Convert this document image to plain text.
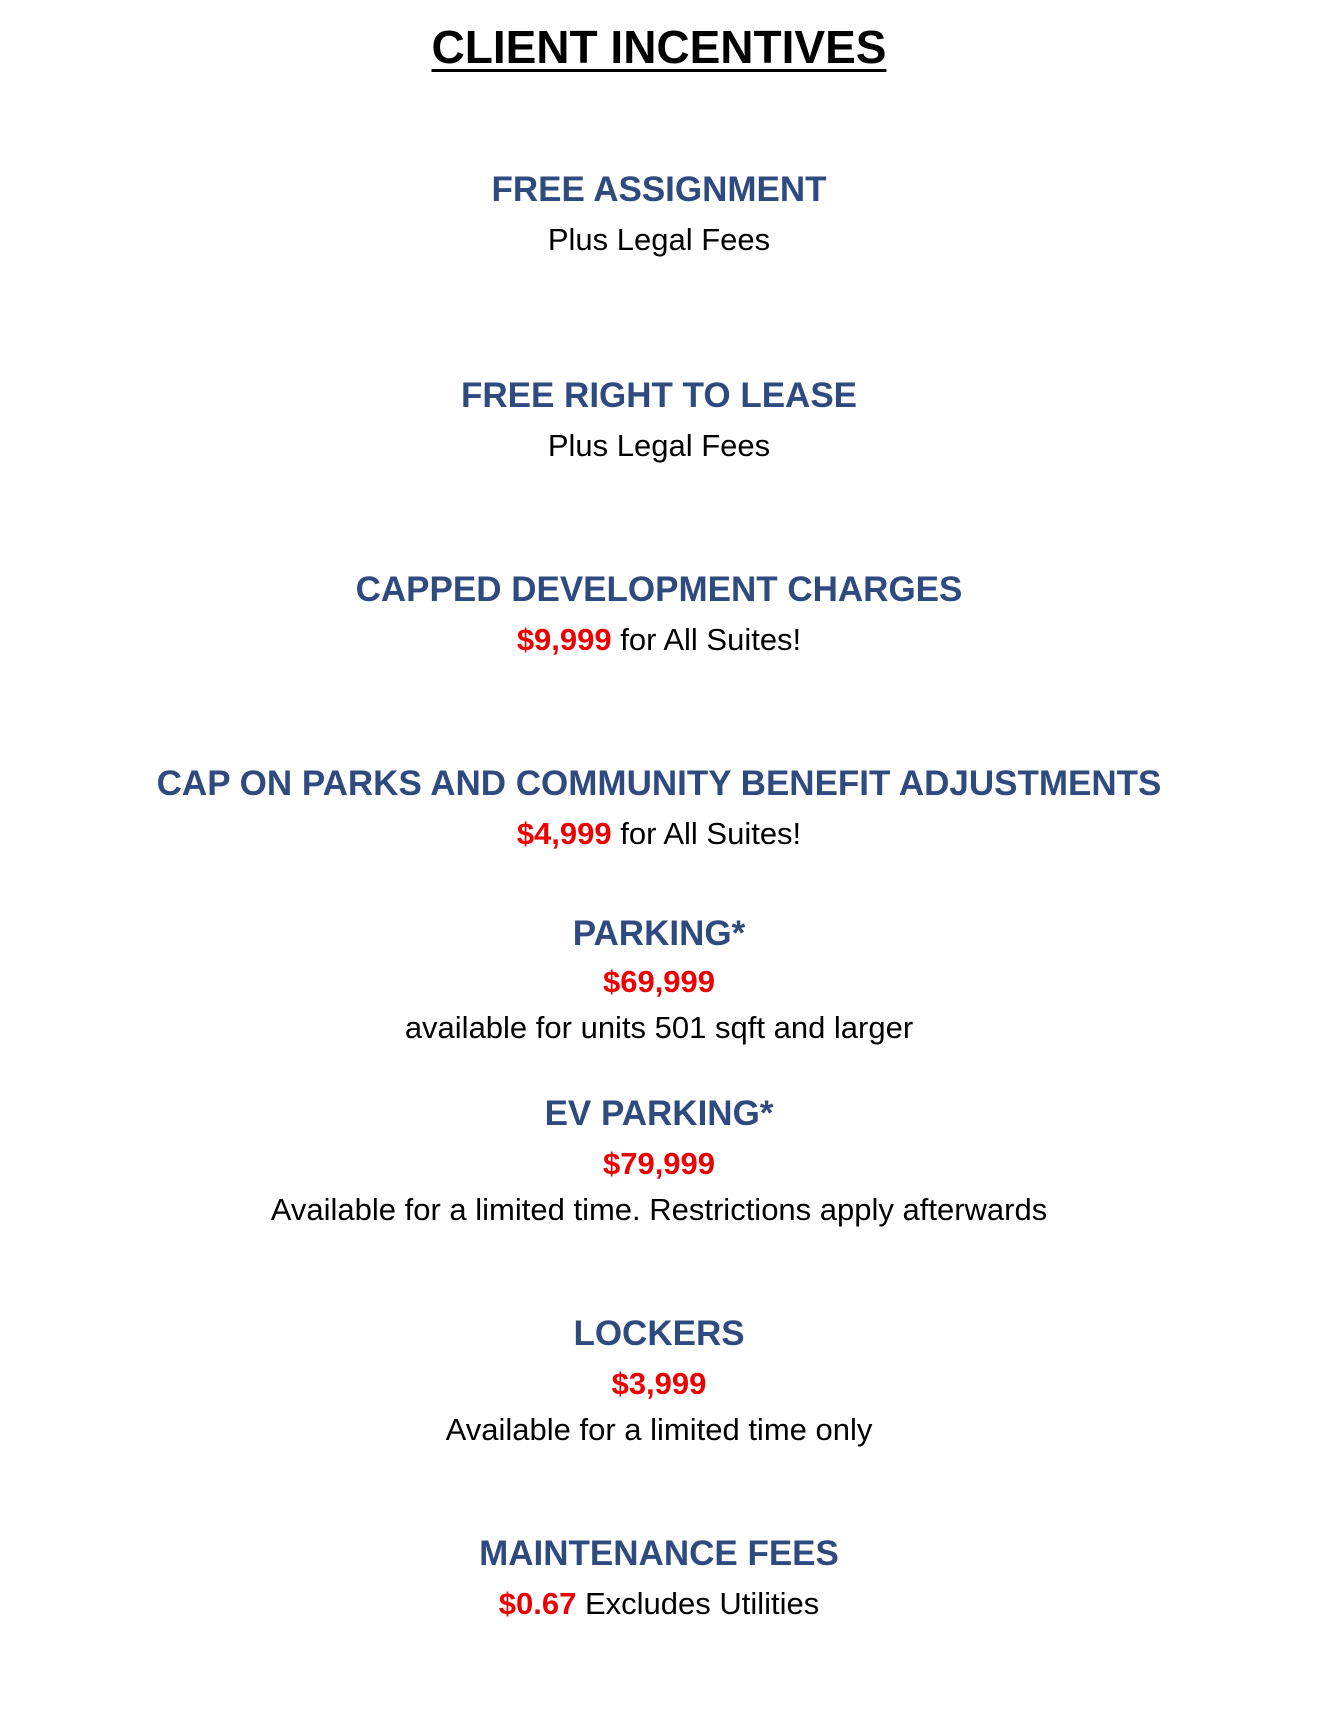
CLIENT INCENTIVES
FREE ASSIGNMENT
Plus Legal Fees
FREE RIGHT TO LEASE
Plus Legal Fees
CAPPED DEVELOPMENT CHARGES
$9,999 for All Suites!
CAP ON PARKS AND COMMUNITY BENEFIT ADJUSTMENTS
$4,999 for All Suites!
PARKING*
$69,999
available for units 501 sqft and larger
EV PARKING*
$79,999
Available for a limited time. Restrictions apply afterwards
LOCKERS
$3,999
Available for a limited time only
MAINTENANCE FEES
$0.67 Excludes Utilities
